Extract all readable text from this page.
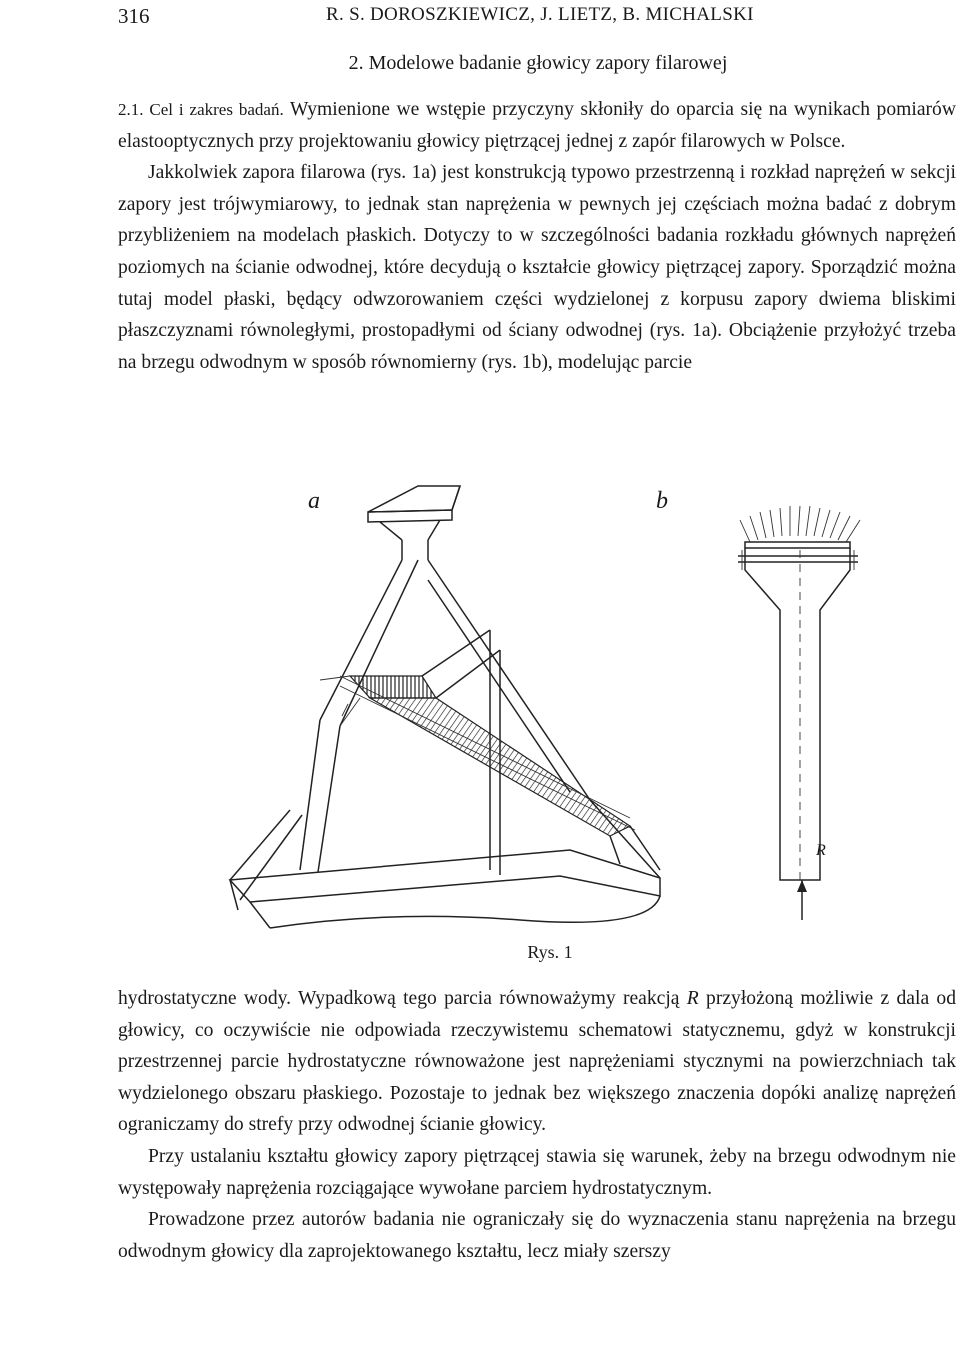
316	R. S. DOROSZKIEWICZ, J. LIETZ, B. MICHALSKI
2. Modelowe badanie głowicy zapory filarowej

2.1. Cel i zakres badań. Wymienione we wstępie przyczyny skłoniły do oparcia się na wynikach pomiarów elastooptycznych przy projektowaniu głowicy piętrzącej jednej z zapór filarowych w Polsce.

Jakkolwiek zapora filarowa (rys. 1a) jest konstrukcją typowo przestrzenną i rozkład naprężeń w sekcji zapory jest trójwymiarowy, to jednak stan naprężenia w pewnych jej częściach można badać z dobrym przybliżeniem na modelach płaskich. Dotyczy to w szczególności badania rozkładu głównych naprężeń poziomych na ścianie odwodnej, które decydują o kształcie głowicy piętrzącej zapory. Sporządzić można tutaj model płaski, będący odwzorowaniem części wydzielonej z korpusu zapory dwiema bliskimi płaszczyznami równoległymi, prostopadłymi od ściany odwodnej (rys. 1a). Obciążenie przyłożyć trzeba na brzegu odwodnym w sposób równomierny (rys. 1b), modelując parcie

a	b
R
Rys. 1

hydrostatyczne wody. Wypadkową tego parcia równoważymy reakcją R przyłożoną możliwie z dala od głowicy, co oczywiście nie odpowiada rzeczywistemu schematowi statycznemu, gdyż w konstrukcji przestrzennej parcie hydrostatyczne równoważone jest naprężeniami stycznymi na powierzchniach tak wydzielonego obszaru płaskiego. Pozostaje to jednak bez większego znaczenia dopóki analizę naprężeń ograniczamy do strefy przy odwodnej ścianie głowicy.

Przy ustalaniu kształtu głowicy zapory piętrzącej stawia się warunek, żeby na brzegu odwodnym nie występowały naprężenia rozciągające wywołane parciem hydrostatycznym.

Prowadzone przez autorów badania nie ograniczały się do wyznaczenia stanu naprężenia na brzegu odwodnym głowicy dla zaprojektowanego kształtu, lecz miały szerszy
